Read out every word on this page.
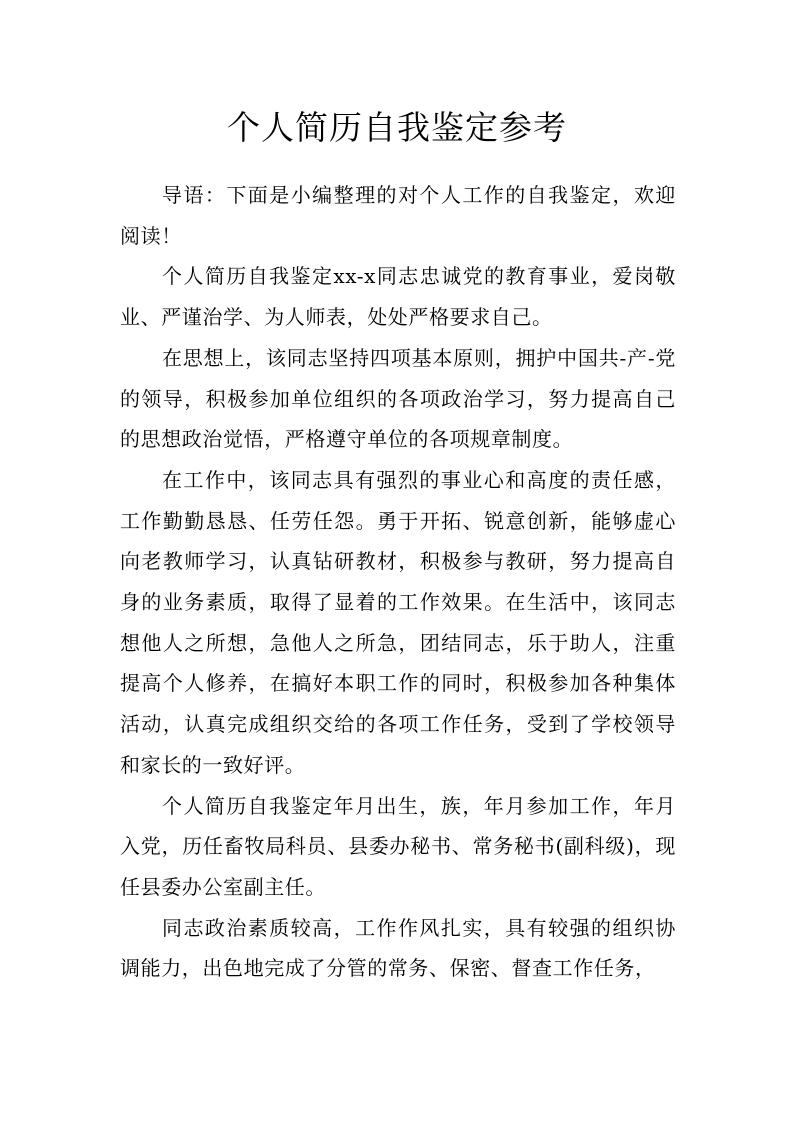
个人简历自我鉴定参考

导语：下面是小编整理的对个人工作的自我鉴定，欢迎阅读！

个人简历自我鉴定xx-x同志忠诚党的教育事业，爱岗敬业、严谨治学、为人师表，处处严格要求自己。

在思想上，该同志坚持四项基本原则，拥护中国共-产-党的领导，积极参加单位组织的各项政治学习，努力提高自己的思想政治觉悟，严格遵守单位的各项规章制度。

在工作中，该同志具有强烈的事业心和高度的责任感，工作勤勤恳恳、任劳任怨。勇于开拓、锐意创新，能够虚心向老教师学习，认真钻研教材，积极参与教研，努力提高自身的业务素质，取得了显着的工作效果。在生活中，该同志想他人之所想，急他人之所急，团结同志，乐于助人，注重提高个人修养，在搞好本职工作的同时，积极参加各种集体活动，认真完成组织交给的各项工作任务，受到了学校领导和家长的一致好评。

个人简历自我鉴定年月出生，族，年月参加工作，年月入党，历任畜牧局科员、县委办秘书、常务秘书(副科级)，现任县委办公室副主任。

同志政治素质较高，工作作风扎实，具有较强的组织协调能力，出色地完成了分管的常务、保密、督查工作任务，
